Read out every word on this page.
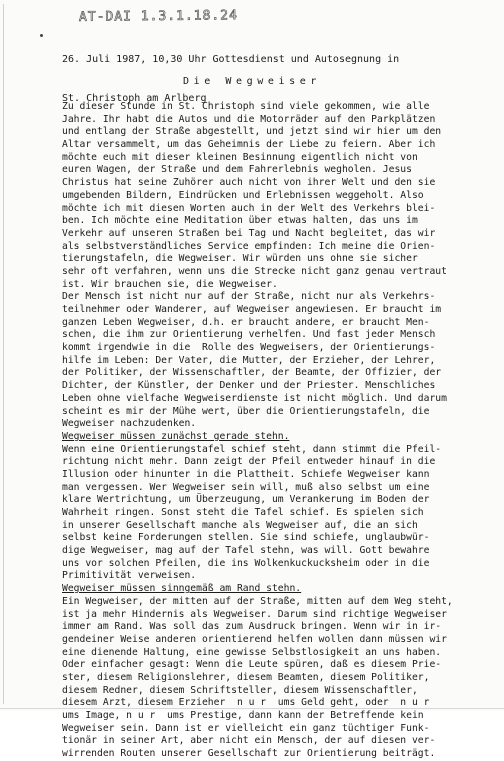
AT-DAI 1.3.1.18.24

26. Juli 1987, 10,30 Uhr Gottesdienst und Autosegnung in

St. Christoph am Arlberg

Die Wegweiser
Zu dieser Stunde in St. Christoph sind viele gekommen, wie alle
Jahre. Ihr habt die Autos und die Motorräder auf den Parkplätzen
und entlang der Straße abgestellt, und jetzt sind wir hier um den
Altar versammelt, um das Geheimnis der Liebe zu feiern. Aber ich
möchte euch mit dieser kleinen Besinnung eigentlich nicht von
euren Wagen, der Straße und dem Fahrerlebnis wegholen. Jesus
Christus hat seine Zuhörer auch nicht von ihrer Welt und den sie
umgebenden Bildern, Eindrücken und Erlebnissen weggeholt. Also
möchte ich mit diesen Worten auch in der Welt des Verkehrs blei-
ben. Ich möchte eine Meditation über etwas halten, das uns im
Verkehr auf unseren Straßen bei Tag und Nacht begleitet, das wir
als selbstverständliches Service empfinden: Ich meine die Orien-
tierungstafeln, die Wegweiser. Wir würden uns ohne sie sicher
sehr oft verfahren, wenn uns die Strecke nicht ganz genau vertraut
ist. Wir brauchen sie, die Wegweiser.
Der Mensch ist nicht nur auf der Straße, nicht nur als Verkehrs-
teilnehmer oder Wanderer, auf Wegweiser angewiesen. Er braucht im
ganzen Leben Wegweiser, d.h. er braucht andere, er braucht Men-
schen, die ihm zur Orientierung verhelfen. Und fast jeder Mensch
kommt irgendwie in die  Rolle des Wegweisers, der Orientierungs-
hilfe im Leben: Der Vater, die Mutter, der Erzieher, der Lehrer,
der Politiker, der Wissenschaftler, der Beamte, der Offizier, der
Dichter, der Künstler, der Denker und der Priester. Menschliches
Leben ohne vielfache Wegweiserdienste ist nicht möglich. Und darum
scheint es mir der Mühe wert, über die Orientierungstafeln, die
Wegweiser nachzudenken.
Wegweiser müssen zunächst gerade stehn.
Wenn eine Orientierungstafel schief steht, dann stimmt die Pfeil-
richtung nicht mehr. Dann zeigt der Pfeil entweder hinauf in die
Illusion oder hinunter in die Plattheit. Schiefe Wegweiser kann
man vergessen. Wer Wegweiser sein will, muß also selbst um eine
klare Wertrichtung, um Überzeugung, um Verankerung im Boden der
Wahrheit ringen. Sonst steht die Tafel schief. Es spielen sich
in unserer Gesellschaft manche als Wegweiser auf, die an sich
selbst keine Forderungen stellen. Sie sind schiefe, unglaubwür-
dige Wegweiser, mag auf der Tafel stehn, was will. Gott bewahre
uns vor solchen Pfeilen, die ins Wolkenkuckucksheim oder in die
Primitivität verweisen.
Wegweiser müssen sinngemäß am Rand stehn.
Ein Wegweiser, der mitten auf der Straße, mitten auf dem Weg steht,
ist ja mehr Hindernis als Wegweiser. Darum sind richtige Wegweiser
immer am Rand. Was soll das zum Ausdruck bringen. Wenn wir in ir-
gendeiner Weise anderen orientierend helfen wollen dann müssen wir
eine dienende Haltung, eine gewisse Selbstlosigkeit an uns haben.
Oder einfacher gesagt: Wenn die Leute spüren, daß es diesem Prie-
ster, diesem Religionslehrer, diesem Beamten, diesem Politiker,
diesem Redner, diesem Schriftsteller, diesem Wissenschaftler,
diesem Arzt, diesem Erzieher  n u r  ums Geld geht, oder  n u r
ums Image, n u r  ums Prestige, dann kann der Betreffende kein
Wegweiser sein. Dann ist er vielleicht ein ganz tüchtiger Funk-
tionär in seiner Art, aber nicht ein Mensch, der auf diesen ver-
wirrenden Routen unserer Gesellschaft zur Orientierung beiträgt.
